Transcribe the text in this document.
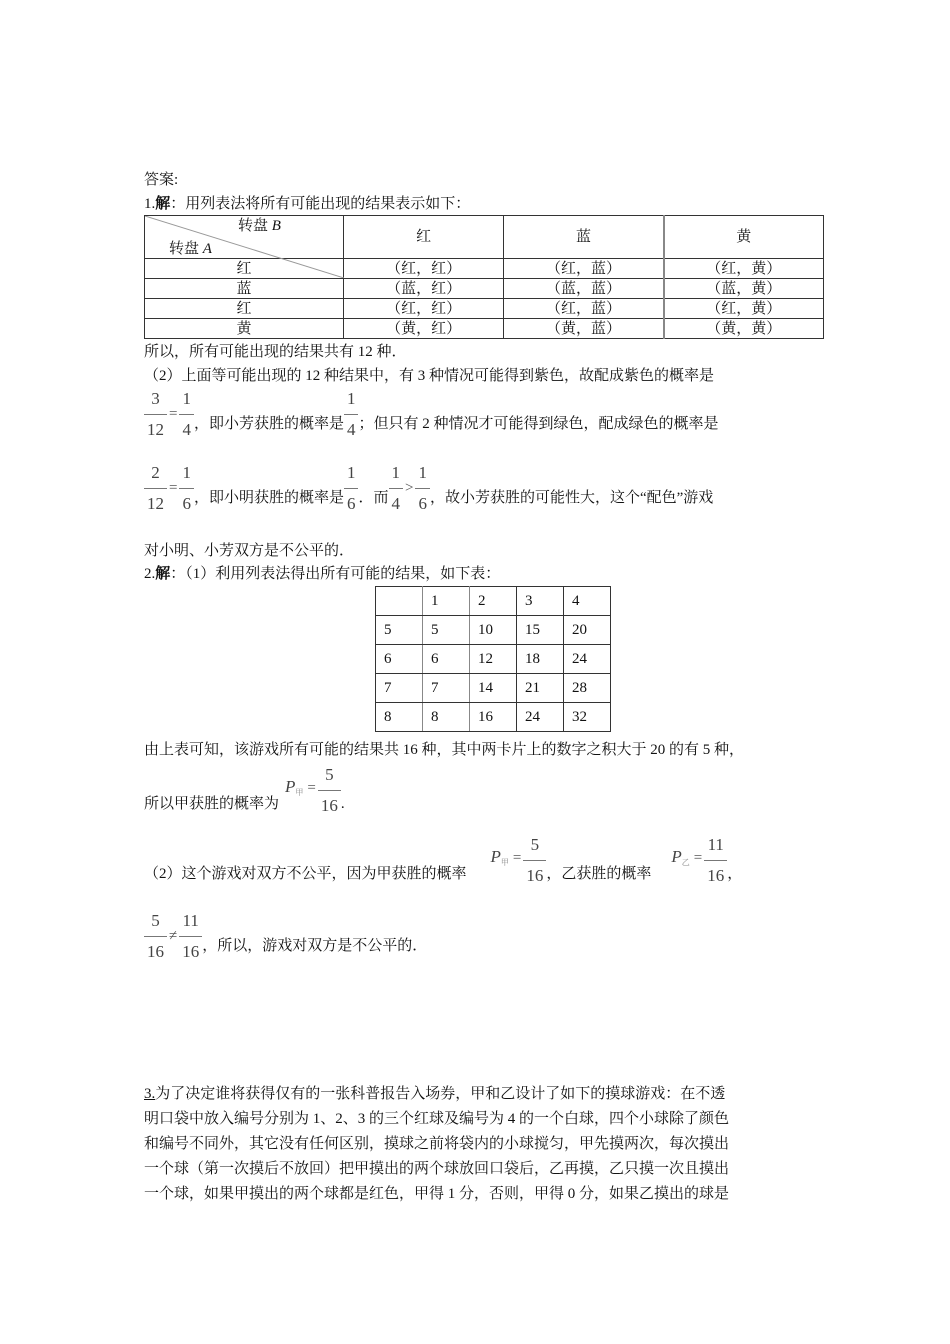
答案:
1.解：用列表法将所有可能出现的结果表示如下：
转盘 B
转盘 A	红	蓝	黄
红	（红，红）	（红，蓝）	（红，黄）
蓝	（蓝，红）	（蓝，蓝）	（蓝，黄）
红	（红，红）	（红，蓝）	（红，黄）
黄	（黄，红）	（黄，蓝）	（黄，黄）
所以，所有可能出现的结果共有 12 种．
（2）上面等可能出现的 12 种结果中，有 3 种情况可能得到紫色，故配成紫色的概率是
$\frac{3}{12} = \frac{1}{4}$ ，即小芳获胜的概率是 $\frac{1}{4}$ ；但只有 2 种情况才可能得到绿色，配成绿色的概率是
$\frac{2}{12} = \frac{1}{6}$ ，即小明获胜的概率是 $\frac{1}{6}$ ．而 $\frac{1}{4} > \frac{1}{6}$ ，故小芳获胜的可能性大，这个“配色”游戏
对小明、小芳双方是不公平的．
2.解：（1）利用列表法得出所有可能的结果，如下表：
	1	2	3	4
5	5	10	15	20
6	6	12	18	24
7	7	14	21	28
8	8	16	24	32
由上表可知，该游戏所有可能的结果共 16 种，其中两卡片上的数字之积大于 20 的有 5 种，
所以甲获胜的概率为$P_甲 = \frac{5}{16}$ .
（2）这个游戏对双方不公平，因为甲获胜的概率$P_甲 = \frac{5}{16}$ ，乙获胜的概率$P_乙 = \frac{11}{16}$ ，
$\frac{5}{16} \ne \frac{11}{16}$ ，所以，游戏对双方是不公平的．
3.为了决定谁将获得仅有的一张科普报告入场券，甲和乙设计了如下的摸球游戏：在不透
明口袋中放入编号分别为 1、2、3 的三个红球及编号为 4 的一个白球，四个小球除了颜色
和编号不同外，其它没有任何区别，摸球之前将袋内的小球搅匀，甲先摸两次，每次摸出
一个球（第一次摸后不放回）把甲摸出的两个球放回口袋后，乙再摸，乙只摸一次且摸出
一个球，如果甲摸出的两个球都是红色，甲得 1 分，否则，甲得 0 分，如果乙摸出的球是
